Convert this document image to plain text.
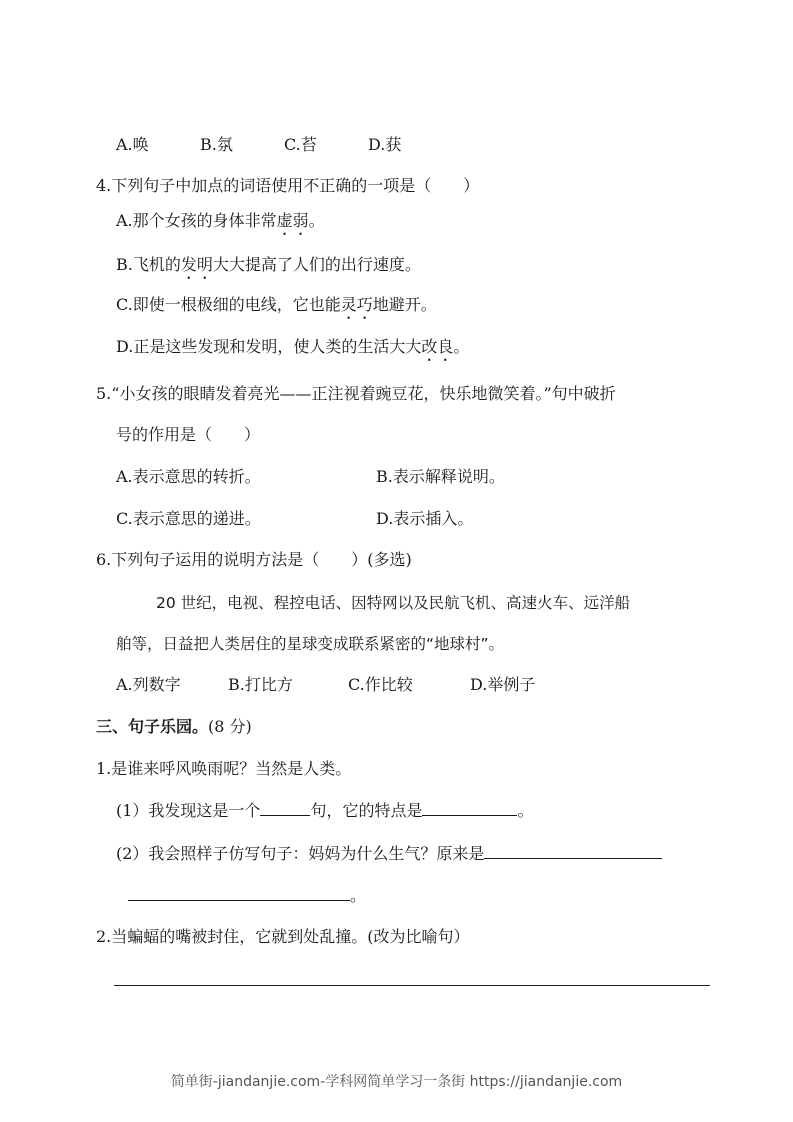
A.唤	B.氛	C.苔	D.获
4.下列句子中加点的词语使用不正确的一项是（　　）
A.那个女孩的身体非常虚弱。
B.飞机的发明大大提高了人们的出行速度。
C.即使一根极细的电线，它也能灵巧地避开。
D.正是这些发现和发明，使人类的生活大大改良。
5.“小女孩的眼睛发着亮光——正注视着豌豆花，快乐地微笑着。”句中破折
号的作用是（　　）
A.表示意思的转折。	B.表示解释说明。
C.表示意思的递进。	D.表示插入。
6.下列句子运用的说明方法是（　　）(多选)
20 世纪，电视、程控电话、因特网以及民航飞机、高速火车、远洋船
舶等，日益把人类居住的星球变成联系紧密的“地球村”。
A.列数字	B.打比方	C.作比较	D.举例子
三、句子乐园。(8 分)
1.是谁来呼风唤雨呢？当然是人类。
(1）我发现这是一个	句，它的特点是	。
(2）我会照样子仿写句子：妈妈为什么生气？原来是
。
2.当蝙蝠的嘴被封住，它就到处乱撞。(改为比喻句）
简单街-jiandanjie.com-学科网简单学习一条街 https://jiandanjie.com
